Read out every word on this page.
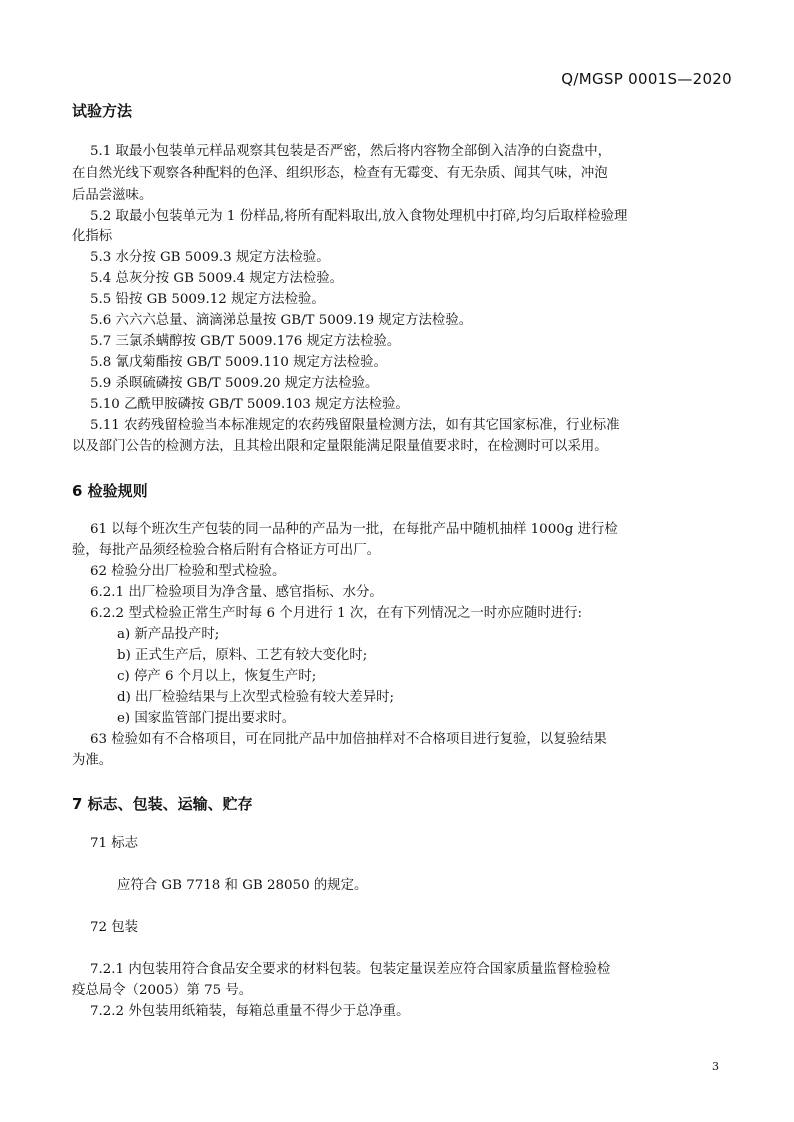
Q/MGSP 0001S—2020
试验方法
5.1 取最小包装单元样品观察其包装是否严密，然后将内容物全部倒入洁净的白瓷盘中，
在自然光线下观察各种配料的色泽、组织形态，检查有无霉变、有无杂质、闻其气味，冲泡
后品尝滋味。
5.2 取最小包装单元为 1 份样品,将所有配料取出,放入食物处理机中打碎,均匀后取样检验理
化指标
5.3 水分按 GB 5009.3 规定方法检验。
5.4 总灰分按 GB 5009.4 规定方法检验。
5.5 铅按 GB 5009.12 规定方法检验。
5.6 六六六总量、滴滴涕总量按 GB/T 5009.19 规定方法检验。
5.7 三氯杀螨醇按 GB/T 5009.176 规定方法检验。
5.8 氰戊菊酯按 GB/T 5009.110 规定方法检验。
5.9 杀暝硫磷按 GB/T 5009.20 规定方法检验。
5.10 乙酰甲胺磷按 GB/T 5009.103 规定方法检验。
5.11 农药残留检验当本标准规定的农药残留限量检测方法，如有其它国家标准，行业标准
以及部门公告的检测方法，且其检出限和定量限能满足限量值要求时，在检测时可以采用。
6 检验规则
61 以每个班次生产包装的同一品种的产品为一批，在每批产品中随机抽样 1000g 进行检
验，每批产品须经检验合格后附有合格证方可出厂。
62 检验分出厂检验和型式检验。
6.2.1 出厂检验项目为净含量、感官指标、水分。
6.2.2 型式检验正常生产时每 6 个月进行 1 次，在有下列情况之一时亦应随时进行:
a) 新产品投产时;
b) 正式生产后，原料、工艺有较大变化时;
c) 停产 6 个月以上，恢复生产时;
d) 出厂检验结果与上次型式检验有较大差异时;
e) 国家监管部门提出要求时。
63 检验如有不合格项目，可在同批产品中加倍抽样对不合格项目进行复验，以复验结果
为准。
7 标志、包装、运输、贮存
71 标志
应符合 GB 7718 和 GB 28050 的规定。
72 包装
7.2.1 内包装用符合食品安全要求的材料包装。包装定量误差应符合国家质量监督检验检
疫总局令（2005）第 75 号。
7.2.2 外包装用纸箱装，每箱总重量不得少于总净重。
3
